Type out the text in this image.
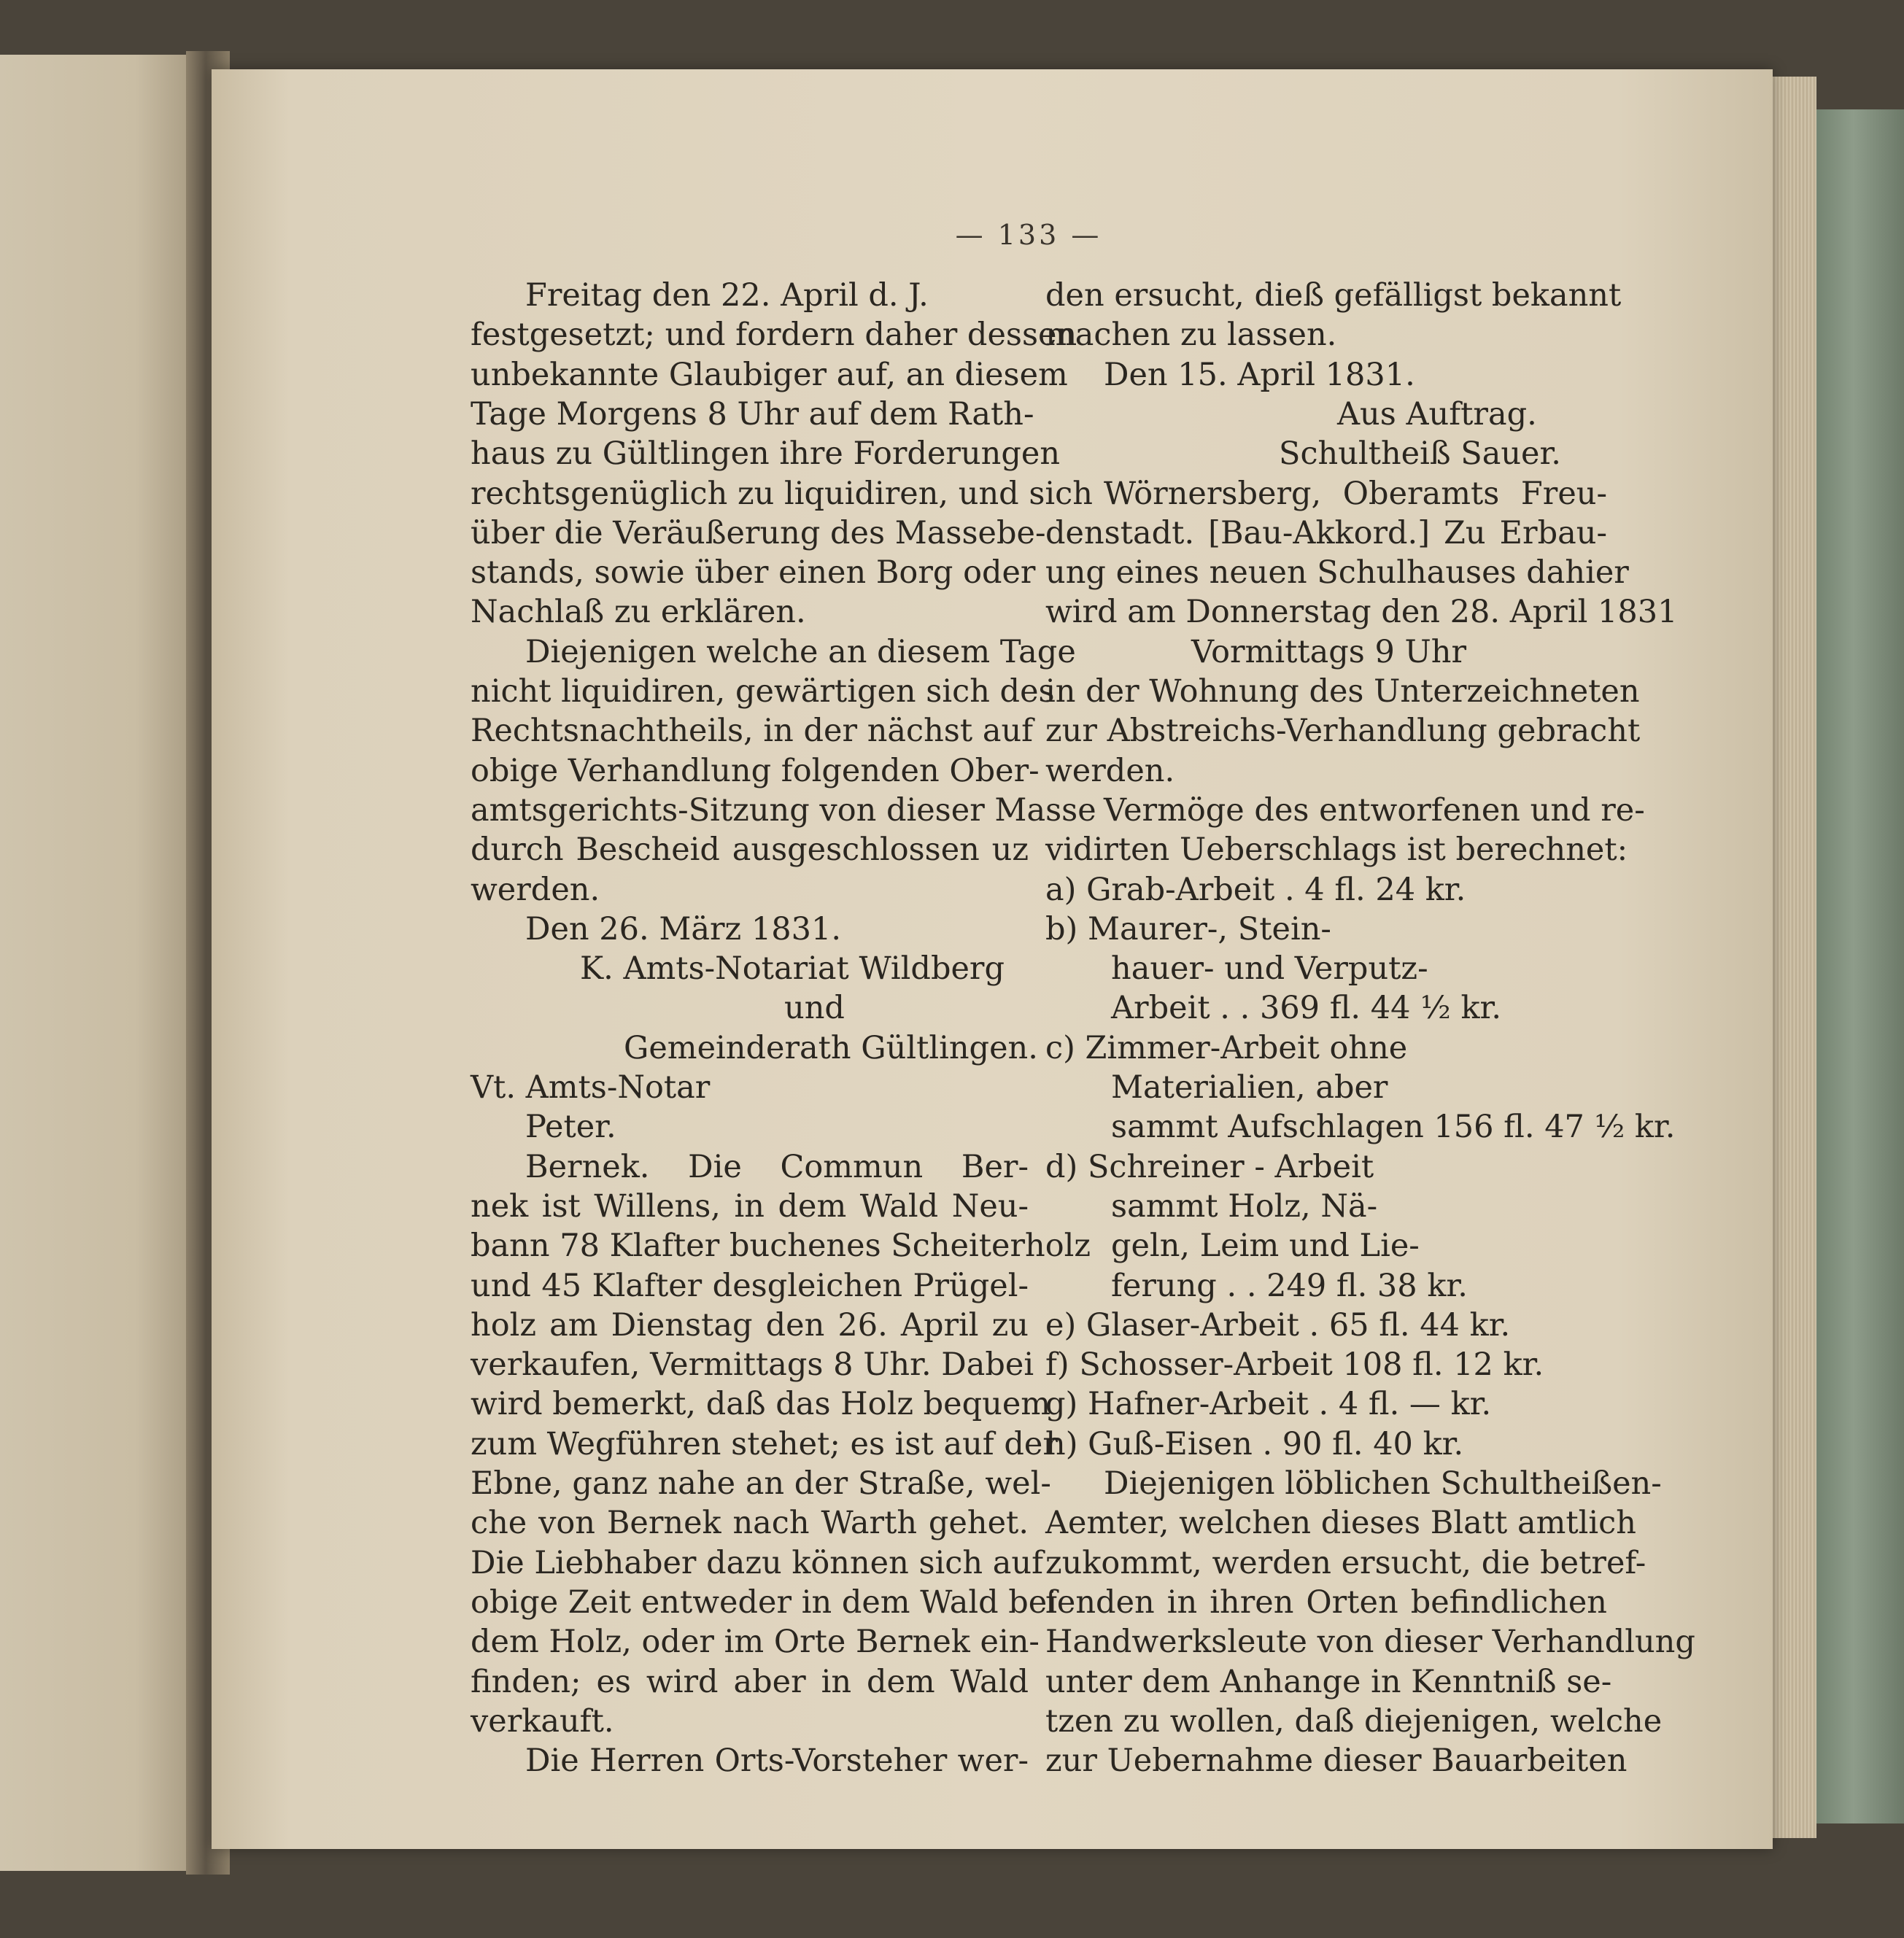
— 133 —
Freitag den 22. April d. J.
festgesetzt; und fordern daher dessen
unbekannte Glaubiger auf, an diesem
Tage Morgens 8 Uhr auf dem Rath-
haus zu Gültlingen ihre Forderungen
rechtsgenüglich zu liquidiren, und sich
über die Veräußerung des Massebe-
stands, sowie über einen Borg oder
Nachlaß zu erklären.
Diejenigen welche an diesem Tage
nicht liquidiren, gewärtigen sich des
Rechtsnachtheils, in der nächst auf
obige Verhandlung folgenden Ober-
amtsgerichts-Sitzung von dieser Masse
durch Bescheid ausgeschlossen uz
werden.
Den 26. März 1831.
K. Amts-Notariat Wildberg
und
Gemeinderath Gültlingen.
Vt. Amts-Notar
Peter.
Bernek. Die Commun Ber-
nek ist Willens, in dem Wald Neu-
bann 78 Klafter buchenes Scheiterholz
und 45 Klafter desgleichen Prügel-
holz am Dienstag den 26. April zu
verkaufen, Vermittags 8 Uhr. Dabei
wird bemerkt, daß das Holz bequem
zum Wegführen stehet; es ist auf der
Ebne, ganz nahe an der Straße, wel-
che von Bernek nach Warth gehet.
Die Liebhaber dazu können sich auf
obige Zeit entweder in dem Wald bei
dem Holz, oder im Orte Bernek ein-
finden; es wird aber in dem Wald
verkauft.
Die Herren Orts-Vorsteher wer-
den ersucht, dieß gefälligst bekannt
machen zu lassen.
Den 15. April 1831.
Aus Auftrag.
Schultheiß Sauer.
Wörnersberg, Oberamts Freu-
denstadt. [Bau-Akkord.] Zu Erbau-
ung eines neuen Schulhauses dahier
wird am Donnerstag den 28. April 1831
Vormittags 9 Uhr
in der Wohnung des Unterzeichneten
zur Abstreichs-Verhandlung gebracht
werden.
Vermöge des entworfenen und re-
vidirten Ueberschlags ist berechnet:
a) Grab-Arbeit . 4 fl. 24 kr.
b) Maurer-, Stein-
hauer- und Verputz-
Arbeit . . 369 fl. 44 ½ kr.
c) Zimmer-Arbeit ohne
Materialien, aber
sammt Aufschlagen 156 fl. 47 ½ kr.
d) Schreiner - Arbeit
sammt Holz, Nä-
geln, Leim und Lie-
ferung . . 249 fl. 38 kr.
e) Glaser-Arbeit . 65 fl. 44 kr.
f) Schosser-Arbeit 108 fl. 12 kr.
g) Hafner-Arbeit . 4 fl. — kr.
h) Guß-Eisen . 90 fl. 40 kr.
Diejenigen löblichen Schultheißen-
Aemter, welchen dieses Blatt amtlich
zukommt, werden ersucht, die betref-
fenden in ihren Orten befindlichen
Handwerksleute von dieser Verhandlung
unter dem Anhange in Kenntniß se-
tzen zu wollen, daß diejenigen, welche
zur Uebernahme dieser Bauarbeiten
